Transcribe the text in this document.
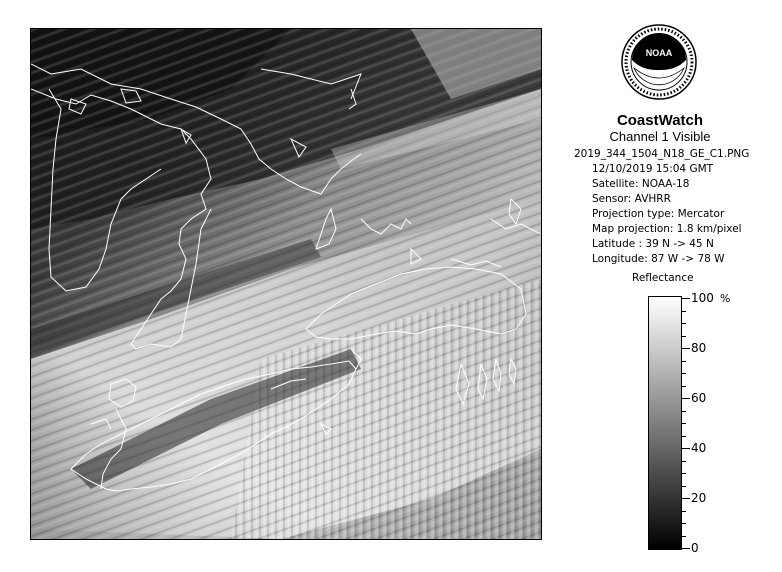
NOAA
CoastWatch
Channel 1 Visible
2019_344_1504_N18_GE_C1.PNG
12/10/2019 15:04 GMT
Satellite: NOAA-18
Sensor: AVHRR
Projection type: Mercator
Map projection: 1.8 km/pixel
Latitude : 39 N -> 45 N
Longitude: 87 W -> 78 W
Reflectance
%
100
80
60
40
20
0
